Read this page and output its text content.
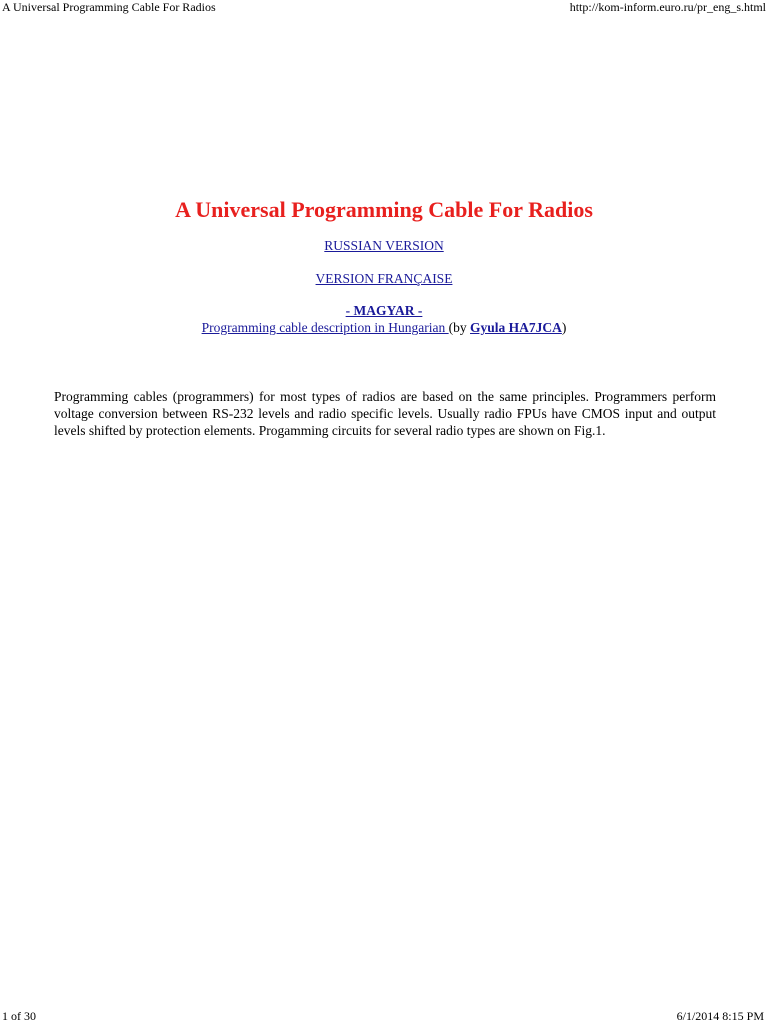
A Universal Programming Cable For Radios	http://kom-inform.euro.ru/pr_eng_s.html
A Universal Programming Cable For Radios
RUSSIAN VERSION
VERSION FRANÇAISE
- MAGYAR -
Programming cable description in Hungarian (by Gyula HA7JCA)

Programming cables (programmers) for most types of radios are based on the same principles. Programmers perform voltage conversion between RS-232 levels and radio specific levels. Usually radio FPUs have CMOS input and output levels shifted by protection elements. Progamming circuits for several radio types are shown on Fig.1.

1 of 30	6/1/2014 8:15 PM
